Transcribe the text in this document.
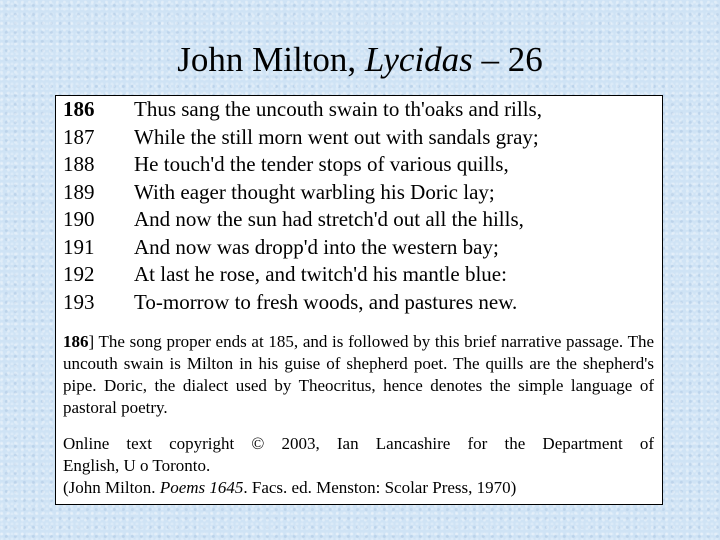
John Milton, Lycidas – 26
186	Thus sang the uncouth swain to th'oaks and rills,
187	While the still morn went out with sandals gray;
188	He touch'd the tender stops of various quills,
189	With eager thought warbling his Doric lay;
190	And now the sun had stretch'd out all the hills,
191	And now was dropp'd into the western bay;
192	At last he rose, and twitch'd his mantle blue:
193	To-morrow to fresh woods, and pastures new.

186] The song proper ends at 185, and is followed by this brief narrative passage. The uncouth swain is Milton in his guise of shepherd poet. The quills are the shepherd's pipe. Doric, the dialect used by Theocritus, hence denotes the simple language of pastoral poetry.

Online text copyright © 2003, Ian Lancashire for the Department of
English, U o Toronto.
(John Milton. Poems 1645. Facs. ed. Menston: Scolar Press, 1970)
